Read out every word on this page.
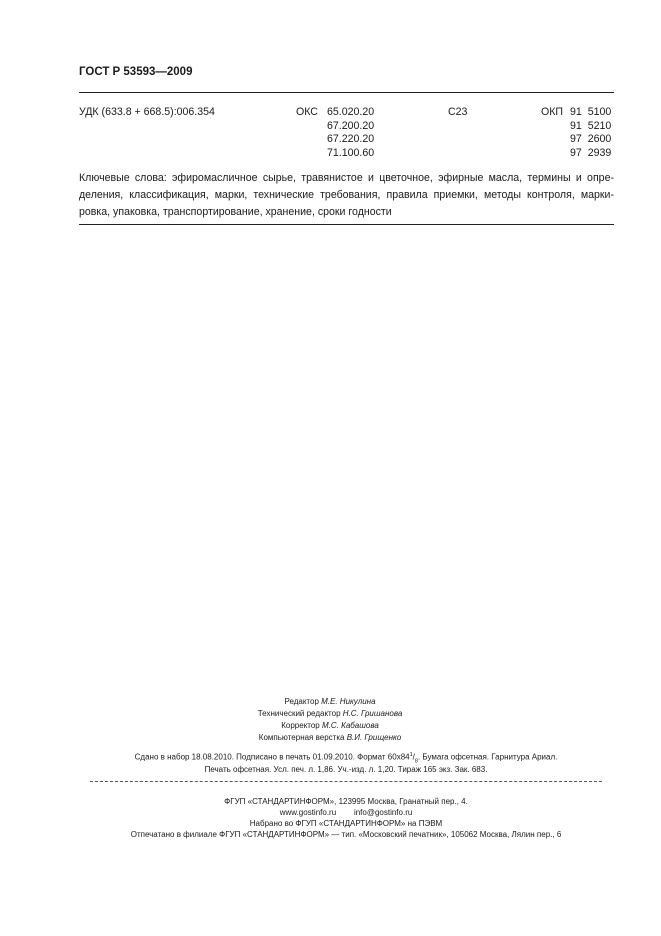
ГОСТ Р 53593—2009
УДК (633.8 + 668.5):006.354	ОКС 65.020.20
67.200.20
67.220.20
71.100.60
C23	ОКП 91 5100
91 5210
97 2600
97 2939
Ключевые слова: эфиромасличное сырье, травянистое и цветочное, эфирные масла, термины и опре-
деления, классификация, марки, технические требования, правила приемки, методы контроля, марки-
ровка, упаковка, транспортирование, хранение, сроки годности
Редактор М.Е. Никулина
Технический редактор Н.С. Гришанова
Корректор М.С. Кабашова
Компьютерная верстка В.И. Грищенко
Сдано в набор 18.08.2010. Подписано в печать 01.09.2010. Формат $60х84^1/_8$. Бумага офсетная. Гарнитура Ариал.
Печать офсетная. Усл. печ. л. 1,86. Уч.-изд. л. 1,20. Тираж 165 экз. Зак. 683.
ФГУП «СТАНДАРТИНФОРМ», 123995 Москва, Гранатный пер., 4.
www.gostinfo.ru        info@gostinfo.ru
Набрано во ФГУП «СТАНДАРТИНФОРМ» на ПЭВМ
Отпечатано в филиале ФГУП «СТАНДАРТИНФОРМ» — тип. «Московский печатник», 105062 Москва, Лялин пер., 6
